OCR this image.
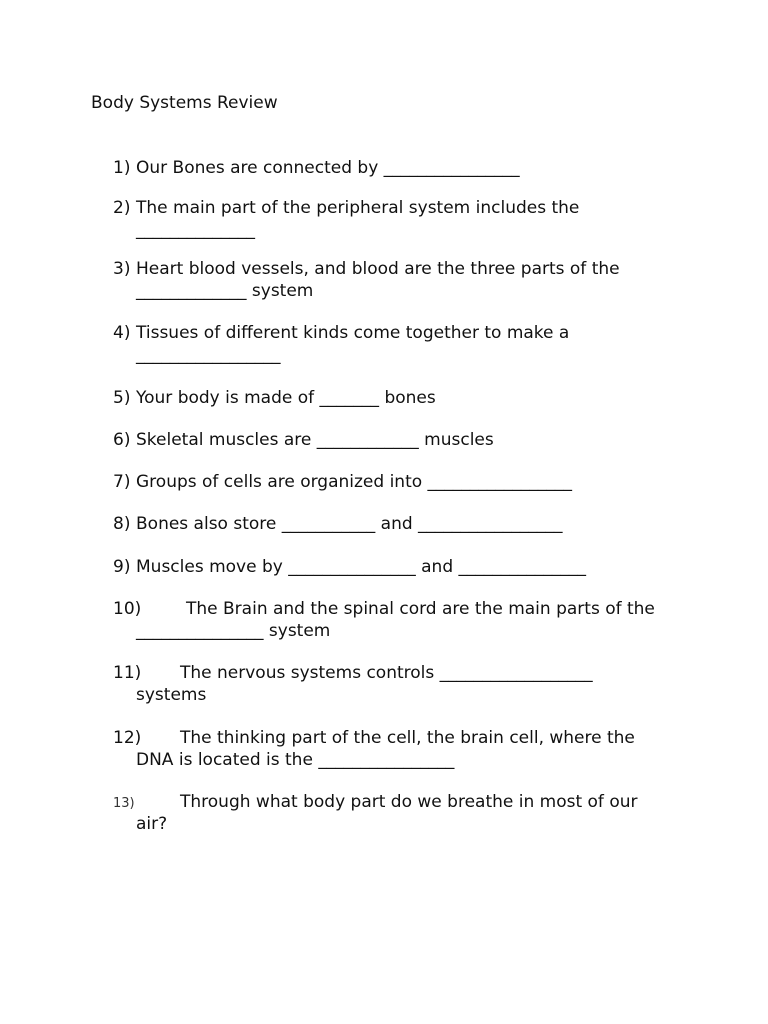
Body Systems Review
1) Our Bones are connected by ________________
2) The main part of the peripheral system includes the
______________
3) Heart blood vessels, and blood are the three parts of the
_____________ system
4) Tissues of different kinds come together to make a
_________________
5) Your body is made of _______ bones
6) Skeletal muscles are ____________ muscles
7) Groups of cells are organized into _________________
8) Bones also store ___________ and _________________
9) Muscles move by _______________ and _______________
10)	The Brain and the spinal cord are the main parts of the
_______________ system
11) The nervous systems controls __________________
systems
12) The thinking part of the cell, the brain cell, where the
DNA is located is the ________________
13)	Through what body part do we breathe in most of our
air?
